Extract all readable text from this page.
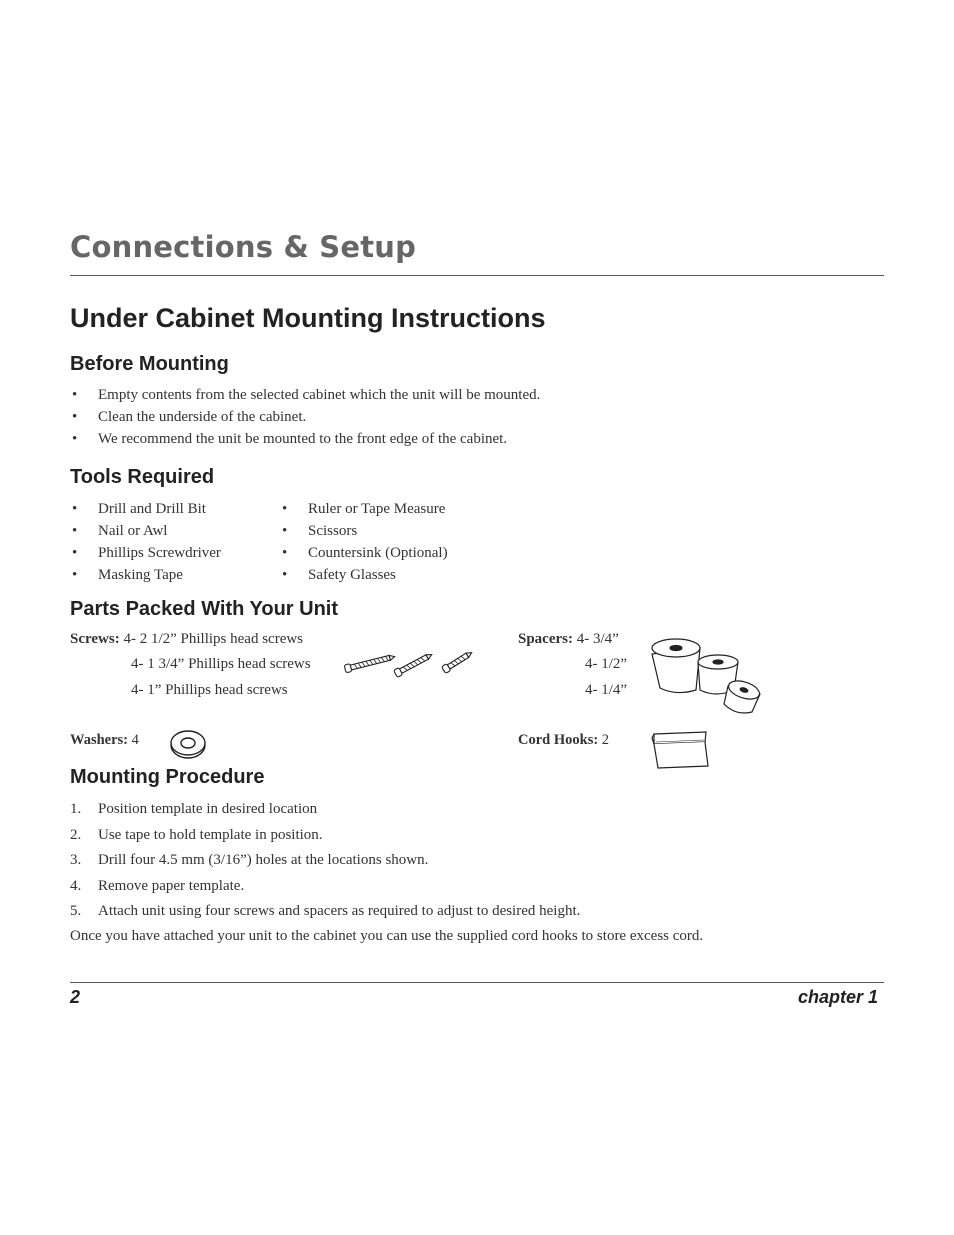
Connections & Setup
Under Cabinet Mounting Instructions
Before Mounting
• Empty contents from the selected cabinet which the unit will be mounted.
• Clean the underside of the cabinet.
• We recommend the unit be mounted to the front edge of the cabinet.
Tools Required
• Drill and Drill Bit
• Nail or Awl
• Phillips Screwdriver
• Masking Tape
• Ruler or Tape Measure
• Scissors
• Countersink (Optional)
• Safety Glasses
Parts Packed With Your Unit
Screws: 4- 2 1/2” Phillips head screws
4- 1 3/4” Phillips head screws
4- 1” Phillips head screws
Spacers: 4- 3/4”
4- 1/2”
4- 1/4”
Washers: 4	Cord Hooks: 2
Mounting Procedure
1. Position template in desired location
2. Use tape to hold template in position.
3. Drill four 4.5 mm (3/16”) holes at the locations shown.
4. Remove paper template.
5. Attach unit using four screws and spacers as required to adjust to desired height.
Once you have attached your unit to the cabinet you can use the supplied cord hooks to store excess cord.
2	chapter 1
